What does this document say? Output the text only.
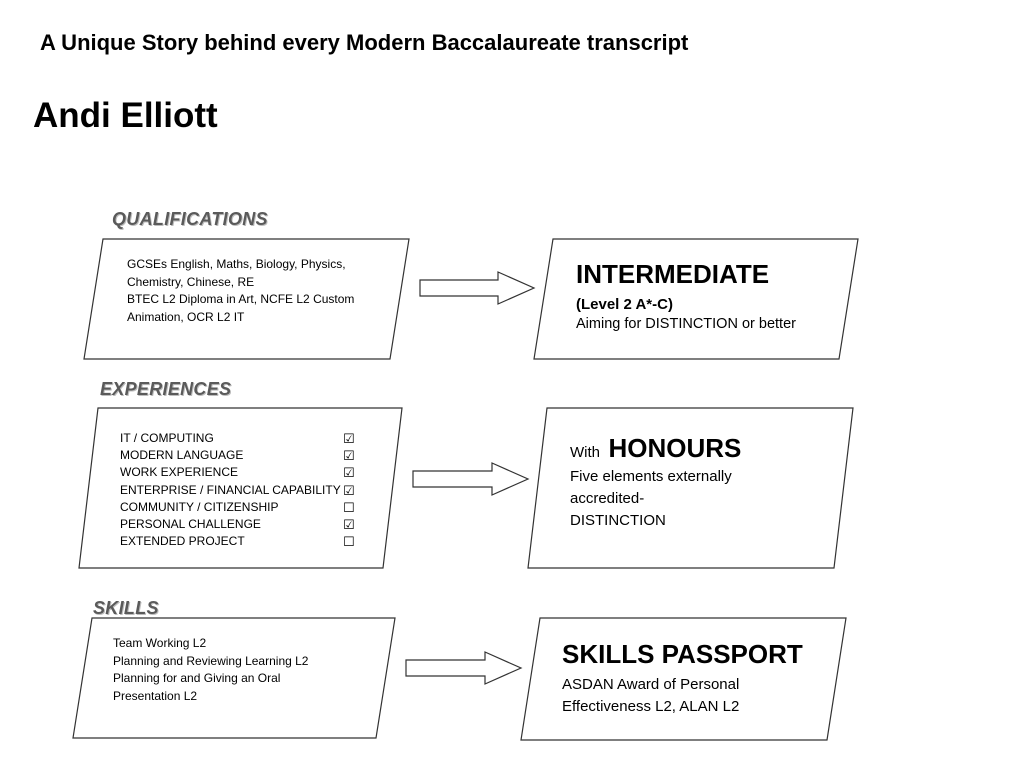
A Unique Story behind every Modern Baccalaureate transcript
Andi Elliott
QUALIFICATIONS
EXPERIENCES
SKILLS
GCSEs English, Maths, Biology, Physics,
Chemistry, Chinese, RE
BTEC L2 Diploma in Art, NCFE L2 Custom
Animation, OCR L2 IT
INTERMEDIATE
(Level 2 A*-C)
Aiming for DISTINCTION or better
IT / COMPUTING	☑
MODERN LANGUAGE	☑
WORK EXPERIENCE	☑
ENTERPRISE / FINANCIAL CAPABILITY ☑
COMMUNITY / CITIZENSHIP	☐
PERSONAL CHALLENGE	☑
EXTENDED PROJECT	☐
With HONOURS
Five elements externally
accredited-
DISTINCTION
Team Working L2
Planning and Reviewing Learning L2
Planning for and Giving an Oral
Presentation L2
SKILLS PASSPORT
ASDAN Award of Personal
Effectiveness L2, ALAN L2
